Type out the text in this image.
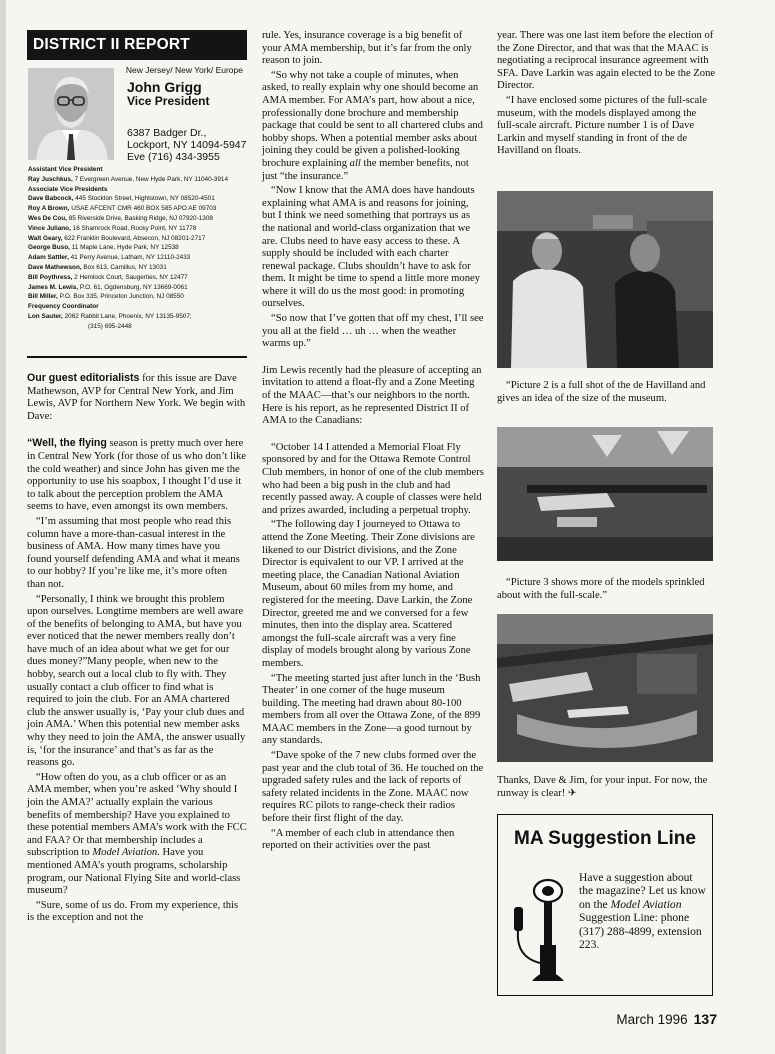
DISTRICT II REPORT
New Jersey/ New York/ Europe
John Grigg
Vice President
6387 Badger Dr.,
Lockport, NY 14094-5947
Eve (716) 434-3955
Assistant Vice President
Ray Juschkus, 7 Evergreen Avenue, New Hyde Park, NY 11040-3914
Associate Vice Presidents
Dave Babcock, 445 Stockton Street, Hightstown, NY 08520-4501
Roy A Brown, USAE AFCENT CMR 460 BOX 585 APO AE 09703
Wes De Cou, 85 Riverside Drive, Basking Ridge, NJ 07920-1308
Vince Juliano, 16 Shamrock Road, Rocky Point, NY 11778
Walt Geary, 622 Franklin Boulevard, Absecon, NJ 08201-2717
George Buso, 11 Maple Lane, Hyde Park, NY 12538
Adam Sattler, 41 Perry Avenue, Latham, NY 12110-2433
Dave Mathewson, Box 613, Camillus, NY 13031
Bill Poythress, 2 Hemlock Court, Saugerties, NY 12477
James M. Lewis, P.O. 61, Ogdensburg, NY 13669-0061
Bill Miller, P.O. Box 335, Princeton Junction, NJ 08550
Frequency Coordinator
Lon Sauter, 2062 Rabbit Lane, Phoenix, NY 13135-9507;
(315) 695-2448

Our guest editorialists for this issue are Dave Mathewson, AVP for Central New York, and Jim Lewis, AVP for Northern New York. We begin with Dave:

“Well, the flying season is pretty much over here in Central New York (for those of us who don’t like the cold weather) and since John has given me the opportunity to use his soapbox, I thought I’d use it to talk about the perception problem the AMA seems to have, even amongst its own members.

“I’m assuming that most people who read this column have a more-than-casual interest in the business of AMA. How many times have you found yourself defending AMA and what it means to our hobby? If you’re like me, it’s more often than not.

“Personally, I think we brought this problem upon ourselves. Longtime members are well aware of the benefits of belonging to AMA, but have you ever noticed that the newer members really don’t have much of an idea about what we get for our dues money?”Many people, when new to the hobby, search out a local club to fly with. They usually contact a club officer to find what is required to join the club. For an AMA chartered club the answer usually is, ‘Pay your club dues and join AMA.’ When this potential new member asks why they need to join the AMA, the answer usually is, ‘for the insurance’ and that’s as far as the reasons go.

“How often do you, as a club officer or as an AMA member, when you’re asked ‘Why should I join the AMA?’ actually explain the various benefits of membership? Have you explained to these potential members AMA’s work with the FCC and FAA? Or that membership includes a subscription to Model Aviation. Have you mentioned AMA’s youth programs, scholarship program, our National Flying Site and world-class museum?

“Sure, some of us do. From my experience, this is the exception and not the

rule. Yes, insurance coverage is a big benefit of your AMA membership, but it’s far from the only reason to join.

“So why not take a couple of minutes, when asked, to really explain why one should become an AMA member. For AMA’s part, how about a nice, professionally done brochure and membership package that could be sent to all chartered clubs and hobby shops. When a potential member asks about joining they could be given a polished-looking brochure explaining all the member benefits, not just “the insurance.”

“Now I know that the AMA does have handouts explaining what AMA is and reasons for joining, but I think we need something that portrays us as the national and world-class organization that we are. Clubs need to have easy access to these. A supply should be included with each charter renewal package. Clubs shouldn’t have to ask for them. It might be time to spend a little more money where it will do us the most good: in promoting ourselves.

“So now that I’ve gotten that off my chest, I’ll see you all at the field … uh … when the weather warms up.”

Jim Lewis recently had the pleasure of accepting an invitation to attend a float-fly and a Zone Meeting of the MAAC—that’s our neighbors to the north. Here is his report, as he represented District II of AMA to the Canadians:

“October 14 I attended a Memorial Float Fly sponsored by and for the Ottawa Remote Control Club members, in honor of one of the club members who had been a big push in the club and had recently passed away. A couple of classes were held and prizes awarded, including a perpetual trophy.

“The following day I journeyed to Ottawa to attend the Zone Meeting. Their Zone divisions are likened to our District divisions, and the Zone Director is equivalent to our VP. I arrived at the meeting place, the Canadian National Aviation Museum, about 60 miles from my home, and registered for the meeting. Dave Larkin, the Zone Director, greeted me and we conversed for a few minutes, then into the display area. Scattered amongst the full-scale aircraft was a very fine display of models brought along by various Zone members.

“The meeting started just after lunch in the ‘Bush Theater’ in one corner of the huge museum building. The meeting had drawn about 80-100 members from all over the Ottawa Zone, of the 899 MAAC members in the Zone—a good turnout by any standards.

“Dave spoke of the 7 new clubs formed over the past year and the club total of 36. He touched on the upgraded safety rules and the lack of reports of safety related incidents in the Zone. MAAC now requires RC pilots to range-check their radios before their first flight of the day.

“A member of each club in attendance then reported on their activities over the past

year. There was one last item before the election of the Zone Director, and that was that the MAAC is negotiating a reciprocal insurance agreement with SFA. Dave Larkin was again elected to be the Zone Director.

“I have enclosed some pictures of the full-scale museum, with the models displayed among the full-scale aircraft. Picture number 1 is of Dave Larkin and myself standing in front of the de Havilland on floats.

“Picture 2 is a full shot of the de Havilland and gives an idea of the size of the museum.

“Picture 3 shows more of the models sprinkled about with the full-scale.”

Thanks, Dave & Jim, for your input. For now, the runway is clear! ✈

MA Suggestion Line
Have a suggestion about the magazine? Let us know on the Model Aviation Suggestion Line: phone (317) 288-4899, extension 223.
March 1996 137
